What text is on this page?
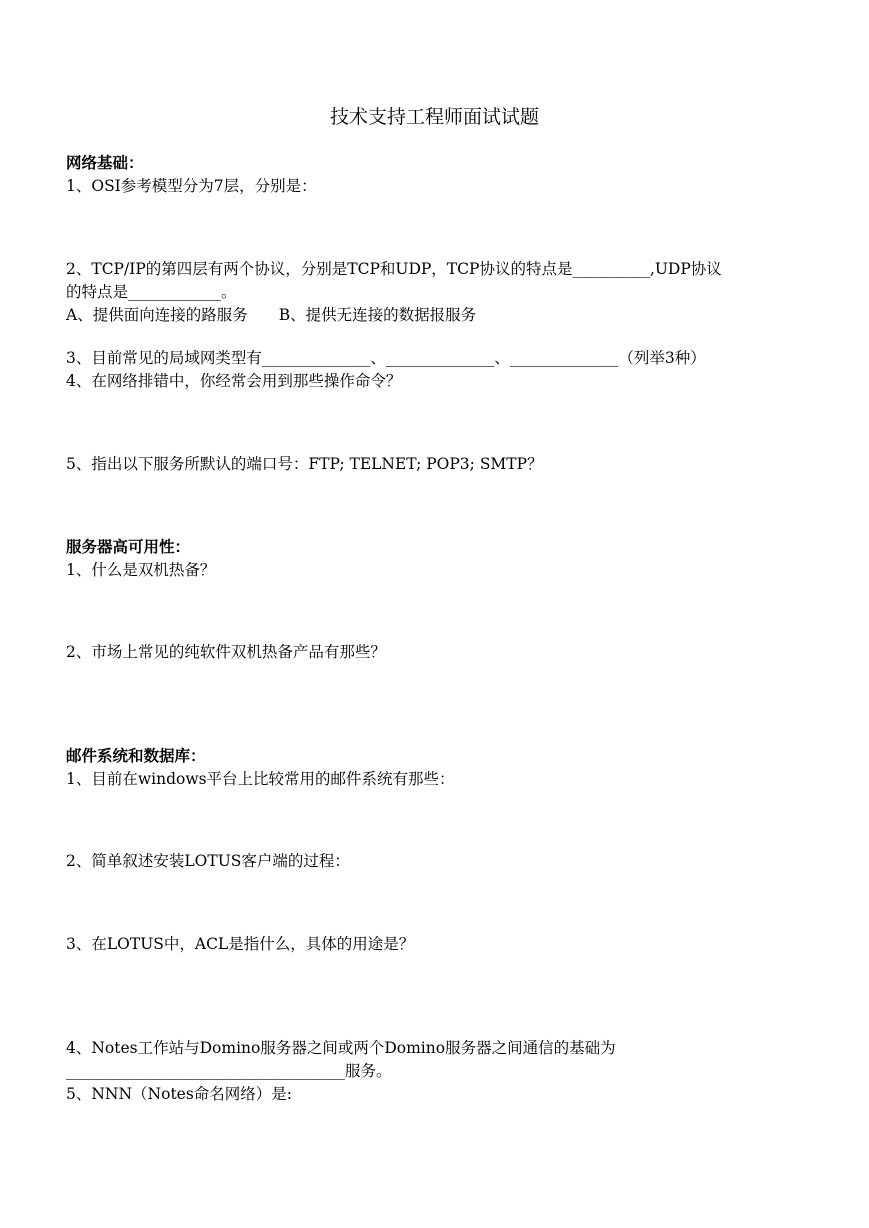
技术支持工程师面试试题
网络基础：
1、OSI参考模型分为7层，分别是：
2、TCP/IP的第四层有两个协议，分别是TCP和UDP，TCP协议的特点是__________,UDP协议
的特点是____________。
A、提供面向连接的路服务　　B、提供无连接的数据报服务
3、目前常见的局域网类型有______________、______________、______________（列举3种）
4、在网络排错中，你经常会用到那些操作命令？
5、指出以下服务所默认的端口号：FTP; TELNET; POP3; SMTP？
服务器高可用性：
1、什么是双机热备？
2、市场上常见的纯软件双机热备产品有那些？
邮件系统和数据库：
1、目前在windows平台上比较常用的邮件系统有那些：
2、简单叙述安装LOTUS客户端的过程：
3、在LOTUS中，ACL是指什么，具体的用途是？
4、Notes工作站与Domino服务器之间或两个Domino服务器之间通信的基础为
____________________________________服务。
5、NNN（Notes命名网络）是:
